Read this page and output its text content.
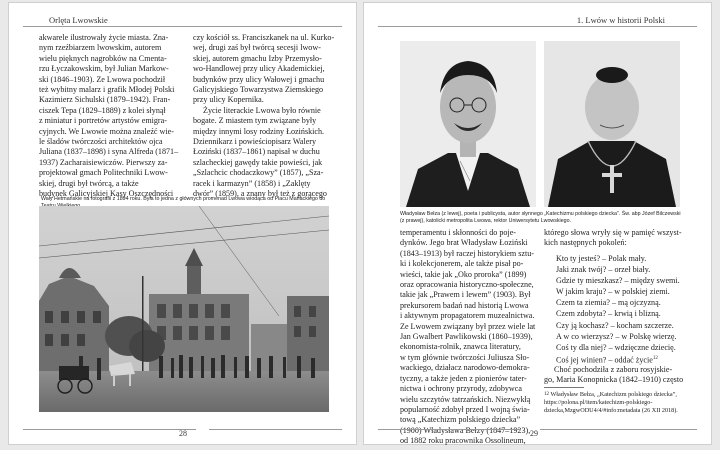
Orlęta Lwowskie
akwarele ilustrowały życie miasta. Zna-
nym rzeźbiarzem lwowskim, autorem
wielu pięknych nagrobków na Cmenta-
rzu Łyczakowskim, był Julian Markow-
ski (1846–1903). Ze Lwowa pochodził
też wybitny malarz i grafik Młodej Polski
Kazimierz Sichulski (1879–1942). Fran-
ciszek Tepa (1829–1889) z kolei słynął
z miniatur i portretów artystów emigra-
cyjnych. We Lwowie można znaleźć wie-
le śladów twórczości architektów ojca
Juliana (1837–1898) i syna Alfreda (1871–
1937) Zacharaisiewiczów. Pierwszy za-
projektował gmach Politechniki Lwow-
skiej, drugi był twórcą, a także
budynek Galicyjskiej Kasy Oszczędności
czy kościół ss. Franciszkanek na ul. Kurko-
wej, drugi zaś był twórcą secesji lwow-
skiej, autorem gmachu Izby Przemysło-
wo-Handlowej przy ulicy Akademickiej,
budynków przy ulicy Wałowej i gmachu
Galicyjskiego Towarzystwa Ziemskiego
przy ulicy Kopernika.
Życie literackie Lwowa było równie
bogate. Z miastem tym związane były
między innymi losy rodziny Łozińskich.
Dziennikarz i powieściopisarz Walery
Łoziński (1837–1861) napisał w duchu
szlacheckiej gawędy takie powieści, jak
„Szlachcic chodaczkowy” (1857), „Sza-
racek i karmazyn” (1858) i „Zaklęty
dwór” (1859), a znany był też z gorącego
Wały Hetmańskie na fotografii z 1894 roku. Była to jedna z głównych promenad Lwowa wiodąca od Placu Mariackiego do
28
1. Lwów w historii Polski
Władysław Bełza (z lewej), poeta i publicysta, autor słynnego „Katechizmu polskiego dziecka”. Św. abp Józef Bilczewski (z prawej), katolicki metropolita Lwowa, rektor Uniwersytetu Lwowskiego.
temperamentu i skłonności do poje-
dynków. Jego brat Władysław Łoziński
(1843–1913) był raczej historykiem sztu-
ki i kolekcjonerem, ale także pisał po-
wieści, takie jak „Oko proroka” (1899)
oraz opracowania historyczno-społeczne,
takie jak „Prawem i lewem” (1903). Był
prekursorem badań nad historią Lwowa
i aktywnym propagatorem muzealnictwa.
Ze Lwowem związany był przez wiele lat
Jan Gwalbert Pawlikowski (1860–1939),
ekonomista-rolnik, znawca literatury,
w tym głównie twórczości Juliusza Sło-
wackiego, działacz narodowo-demokra-
tyczny, a także jeden z pionierów tater-
nictwa i ochrony przyrody, zdobywca
wielu szczytów tatrzańskich. Niezwykłą
popularność zdobył przed I wojną świa-
tową „Katechizm polskiego dziecka”
(1900) Władysława Bełzy (1847–1923),
od 1882 roku pracownika Ossolineum,
którego słowa wryły się w pamięć wszyst-
kich następnych pokoleń:
Kto ty jesteś? – Polak mały.
Jaki znak twój? – orzeł biały.
Gdzie ty mieszkasz? – między swemi.
W jakim kraju? – w polskiej ziemi.
Czem ta ziemia? – mą ojczyzną.
Czem zdobyta? – krwią i blizną.
Czy ją kochasz? – kocham szczerze.
A w co wierzysz? – w Polskę wierzę.
Coś ty dla niej? – wdzięczne dziecię.
Coś jej winien? – oddać życie$^{12}$
Choć pochodziła z zaboru rosyjskie-
go, Maria Konopnicka (1842–1910) często
$^{12}$ Władysław Bełza, „Katechizm polskiego dziecka”, https://polona.pl/item/katechizm-polskiego- dziecka,MzgwODU4/4/#info:metadata (26 XII 2018).
29
